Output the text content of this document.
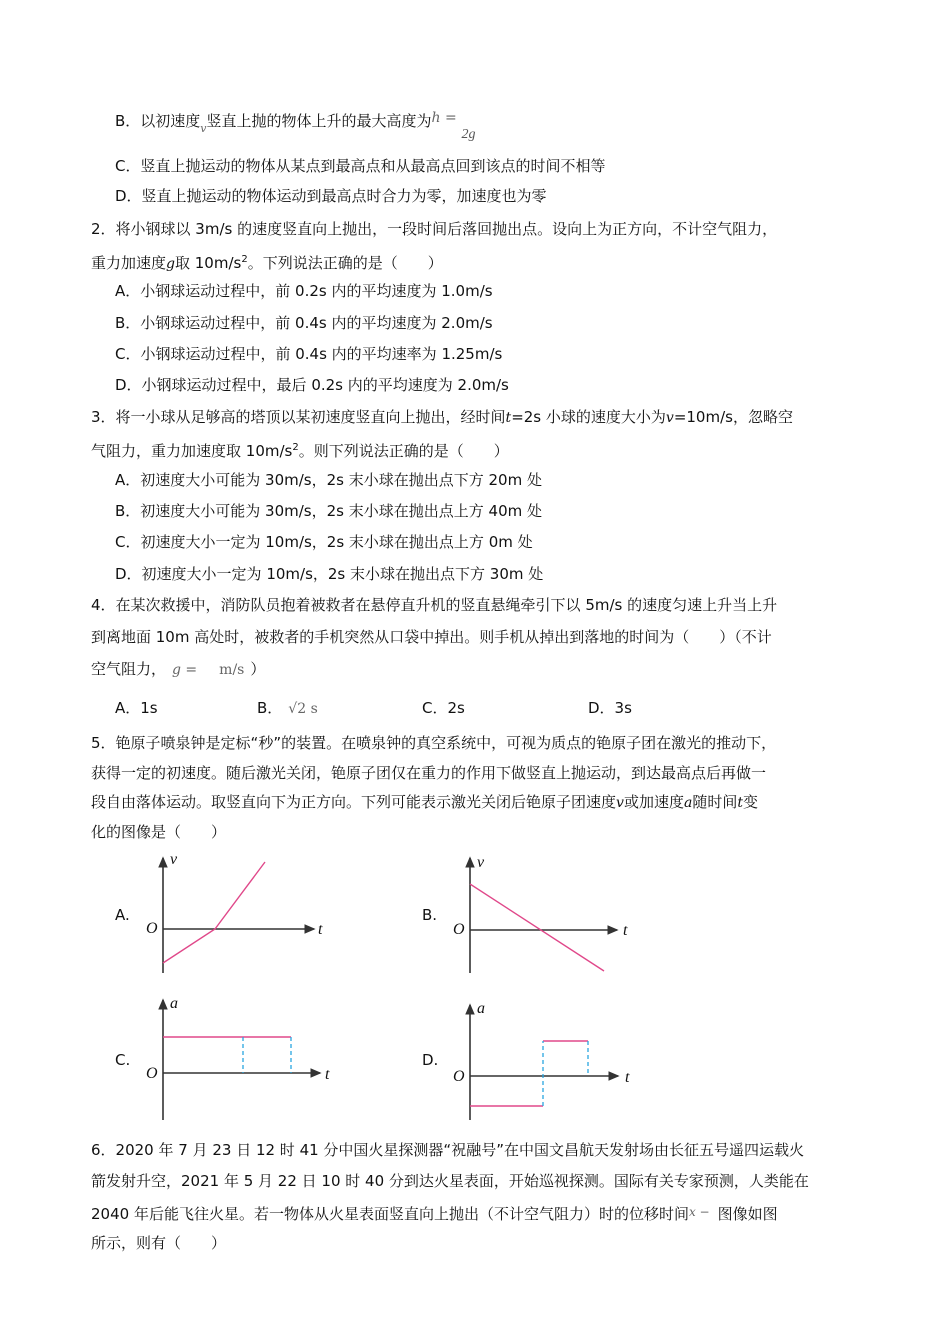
B．以初速度$_v$竖直上抛的物体上升的最大高度为h = 2g
C．竖直上抛运动的物体从某点到最高点和从最高点回到该点的时间不相等
D．竖直上抛运动的物体运动到最高点时合力为零，加速度也为零
2．将小钢球以 3m/s 的速度竖直向上抛出，一段时间后落回抛出点。设向上为正方向，不计空气阻力，
重力加速度g取 $10m/s^2$。下列说法正确的是（　　）
A．小钢球运动过程中，前 0.2s 内的平均速度为 1.0m/s
B．小钢球运动过程中，前 0.4s 内的平均速度为 2.0m/s
C．小钢球运动过程中，前 0.4s 内的平均速率为 1.25m/s
D．小钢球运动过程中，最后 0.2s 内的平均速度为 2.0m/s
3．将一小球从足够高的塔顶以某初速度竖直向上抛出，经时间t=2s 小球的速度大小为v=10m/s，忽略空
气阻力，重力加速度取 $10m/s^2$。则下列说法正确的是（　　）
A．初速度大小可能为 30m/s，2s 末小球在抛出点下方 20m 处
B．初速度大小可能为 30m/s，2s 末小球在抛出点上方 40m 处
C．初速度大小一定为 10m/s，2s 末小球在抛出点上方 0m 处
D．初速度大小一定为 10m/s，2s 末小球在抛出点下方 30m 处
4．在某次救援中，消防队员抱着被救者在悬停直升机的竖直悬绳牵引下以 5m/s 的速度匀速上升当上升
到离地面 10m 高处时，被救者的手机突然从口袋中掉出。则手机从掉出到落地的时间为（　　）（不计
空气阻力， g = m/s ）
A．1s	B． √2 s	C．2s	D．3s
5．铯原子喷泉钟是定标“秒”的装置。在喷泉钟的真空系统中，可视为质点的铯原子团在激光的推动下，
获得一定的初速度。随后激光关闭，铯原子团仅在重力的作用下做竖直上抛运动，到达最高点后再做一
段自由落体运动。取竖直向下为正方向。下列可能表示激光关闭后铯原子团速度v或加速度a随时间t变
化的图像是（　　）
A.
v
t
O
B.
v
t
O
C.
a
t
O
D.
a
t
O
6．2020 年 7 月 23 日 12 时 41 分中国火星探测器“祝融号”在中国文昌航天发射场由长征五号遥四运载火
箭发射升空，2021 年 5 月 22 日 10 时 40 分到达火星表面，开始巡视探测。国际有关专家预测，人类能在
2040 年后能飞往火星。若一物体从火星表面竖直向上抛出（不计空气阻力）时的位移时间$^{x -}$ 图像如图
所示，则有（　　）
